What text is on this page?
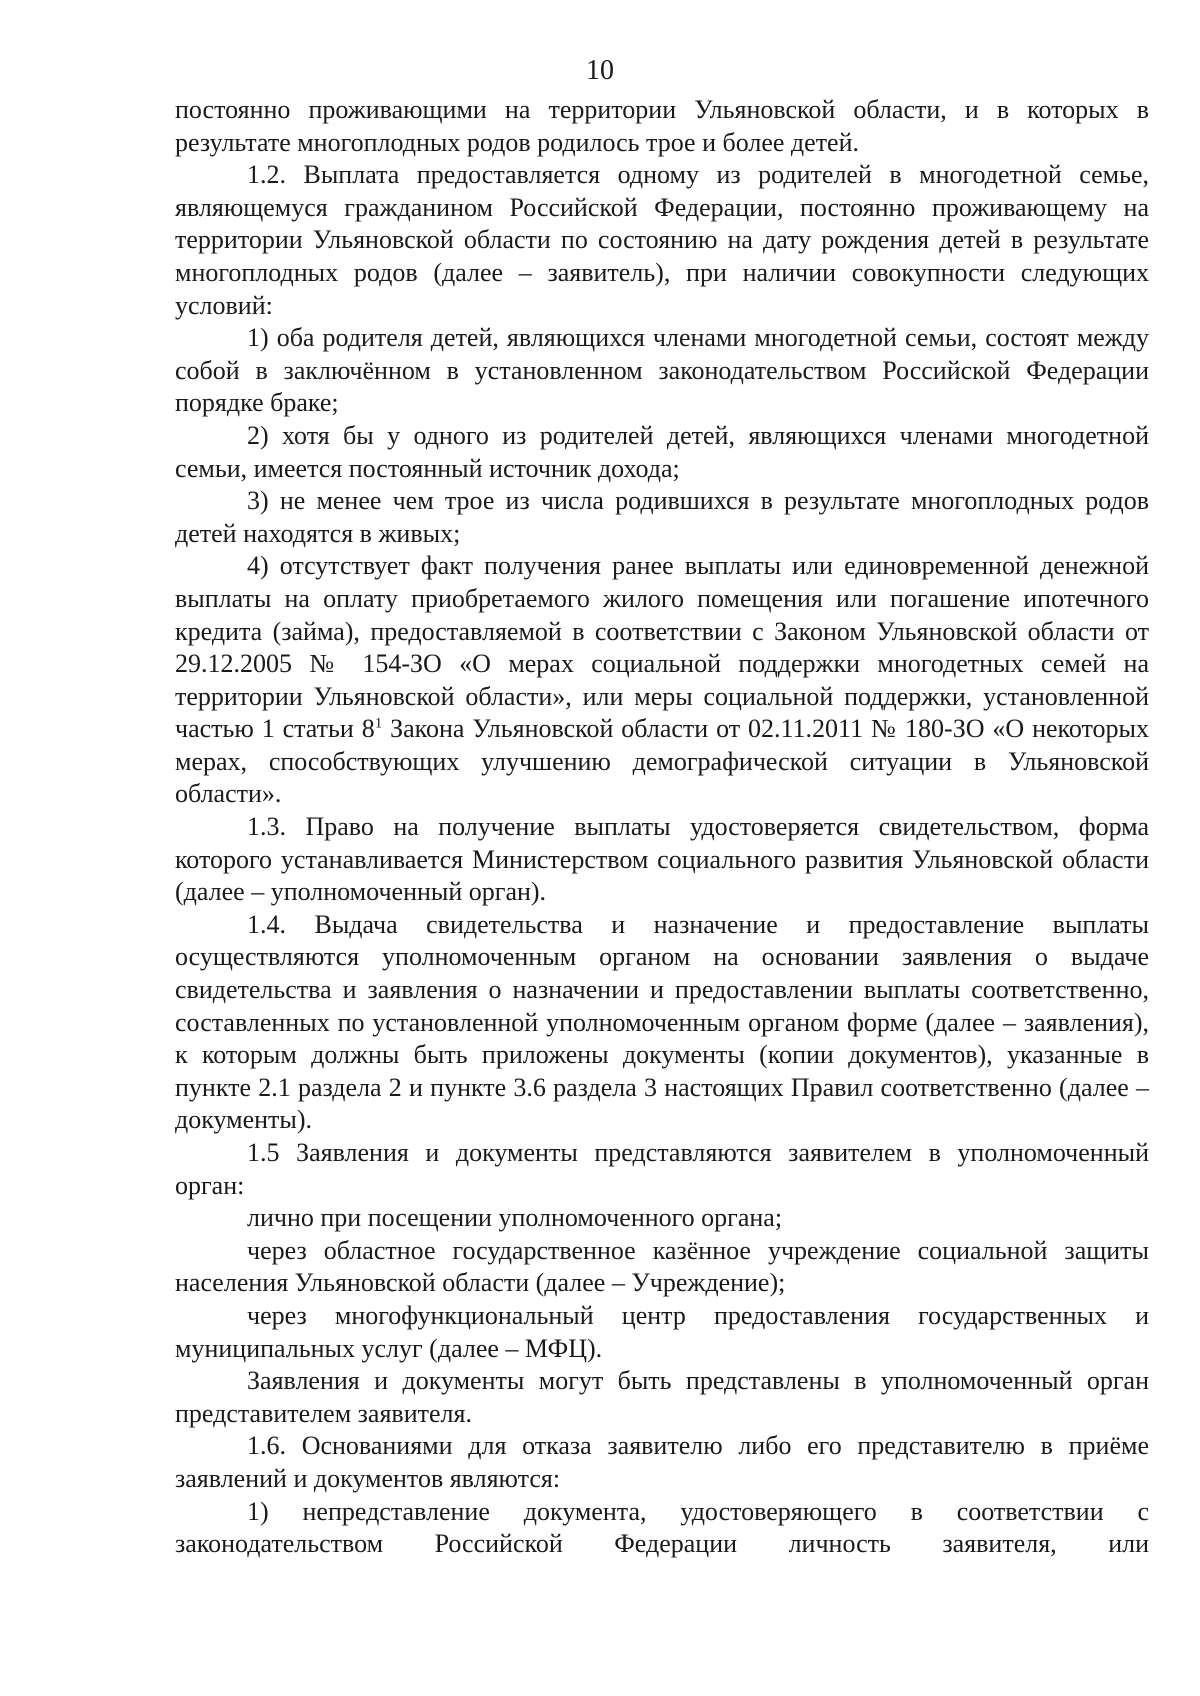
10

постоянно проживающими на территории Ульяновской области, и в которых в результате многоплодных родов родилось трое и более детей.

1.2. Выплата предоставляется одному из родителей в многодетной семье, являющемуся гражданином Российской Федерации, постоянно проживающему на территории Ульяновской области по состоянию на дату рождения детей в результате многоплодных родов (далее – заявитель), при наличии совокупности следующих условий:

1) оба родителя детей, являющихся членами многодетной семьи, состоят между собой в заключённом в установленном законодательством Российской Федерации порядке браке;

2) хотя бы у одного из родителей детей, являющихся членами многодетной семьи, имеется постоянный источник дохода;

3) не менее чем трое из числа родившихся в результате многоплодных родов детей находятся в живых;

4) отсутствует факт получения ранее выплаты или единовременной денежной выплаты на оплату приобретаемого жилого помещения или погашение ипотечного кредита (займа), предоставляемой в соответствии с Законом Ульяновской области от 29.12.2005 № 154-ЗО «О мерах социальной поддержки многодетных семей на территории Ульяновской области», или меры социальной поддержки, установленной частью 1 статьи $8^1$ Закона Ульяновской области от 02.11.2011 № 180-ЗО «О некоторых мерах, способствующих улучшению демографической ситуации в Ульяновской области».

1.3. Право на получение выплаты удостоверяется свидетельством, форма которого устанавливается Министерством социального развития Ульяновской области (далее – уполномоченный орган).

1.4. Выдача свидетельства и назначение и предоставление выплаты осуществляются уполномоченным органом на основании заявления о выдаче свидетельства и заявления о назначении и предоставлении выплаты соответственно, составленных по установленной уполномоченным органом форме (далее – заявления), к которым должны быть приложены документы (копии документов), указанные в пункте 2.1 раздела 2 и пункте 3.6 раздела 3 настоящих Правил соответственно (далее – документы).

1.5 Заявления и документы представляются заявителем в уполномоченный орган:

лично при посещении уполномоченного органа;

через областное государственное казённое учреждение социальной защиты населения Ульяновской области (далее – Учреждение);

через многофункциональный центр предоставления государственных и муниципальных услуг (далее – МФЦ).

Заявления и документы могут быть представлены в уполномоченный орган представителем заявителя.

1.6. Основаниями для отказа заявителю либо его представителю в приёме заявлений и документов являются:

1) непредставление документа, удостоверяющего в соответствии с законодательством Российской Федерации личность заявителя, или
